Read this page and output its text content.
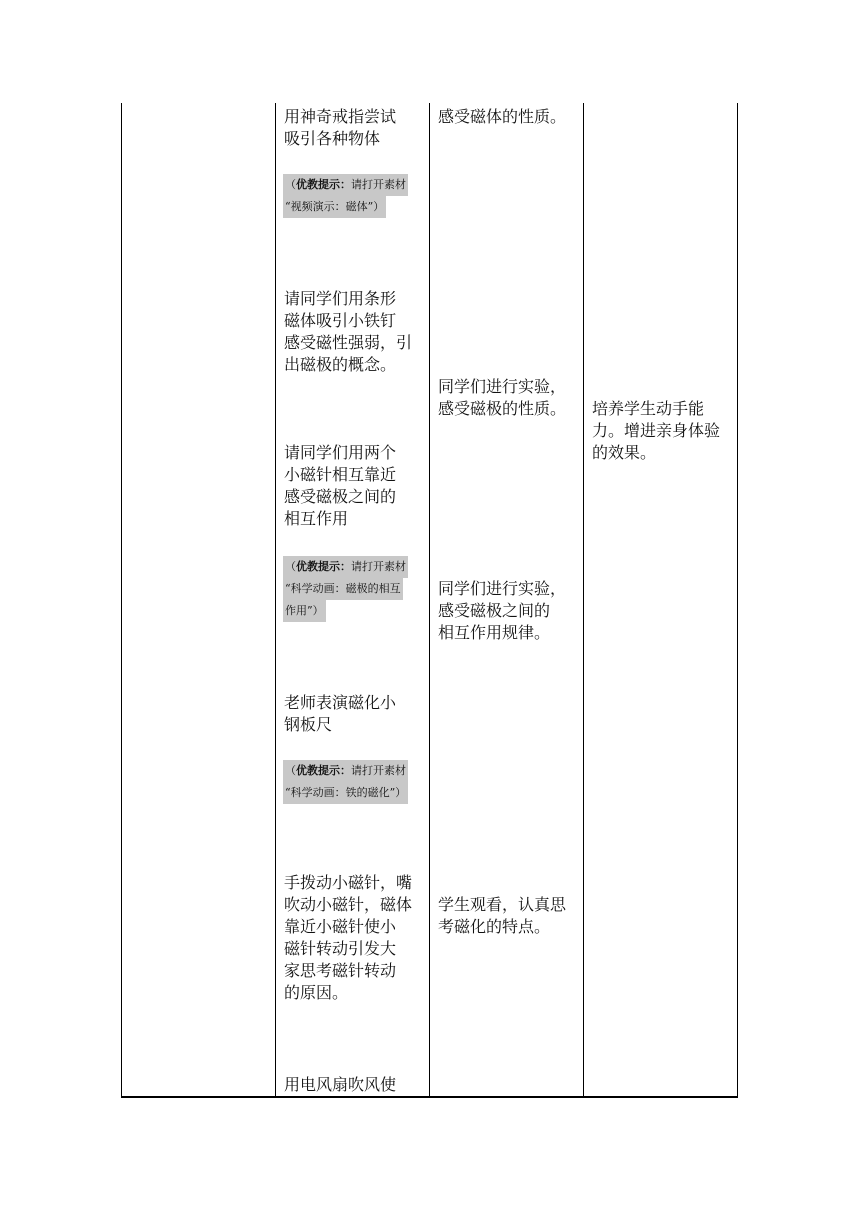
用神奇戒指尝试
吸引各种物体
（优教提示：请打开素材
“视频演示：磁体”）
请同学们用条形
磁体吸引小铁钉
感受磁性强弱，引
出磁极的概念。
请同学们用两个
小磁针相互靠近
感受磁极之间的
相互作用
（优教提示：请打开素材
“科学动画：磁极的相互
作用”）
老师表演磁化小
钢板尺
（优教提示：请打开素材
“科学动画：铁的磁化”）
手拨动小磁针，嘴
吹动小磁针，磁体
靠近小磁针使小
磁针转动引发大
家思考磁针转动
的原因。
用电风扇吹风使
感受磁体的性质。
同学们进行实验，
感受磁极的性质。
同学们进行实验，
感受磁极之间的
相互作用规律。
学生观看，认真思
考磁化的特点。
培养学生动手能
力。增进亲身体验
的效果。
